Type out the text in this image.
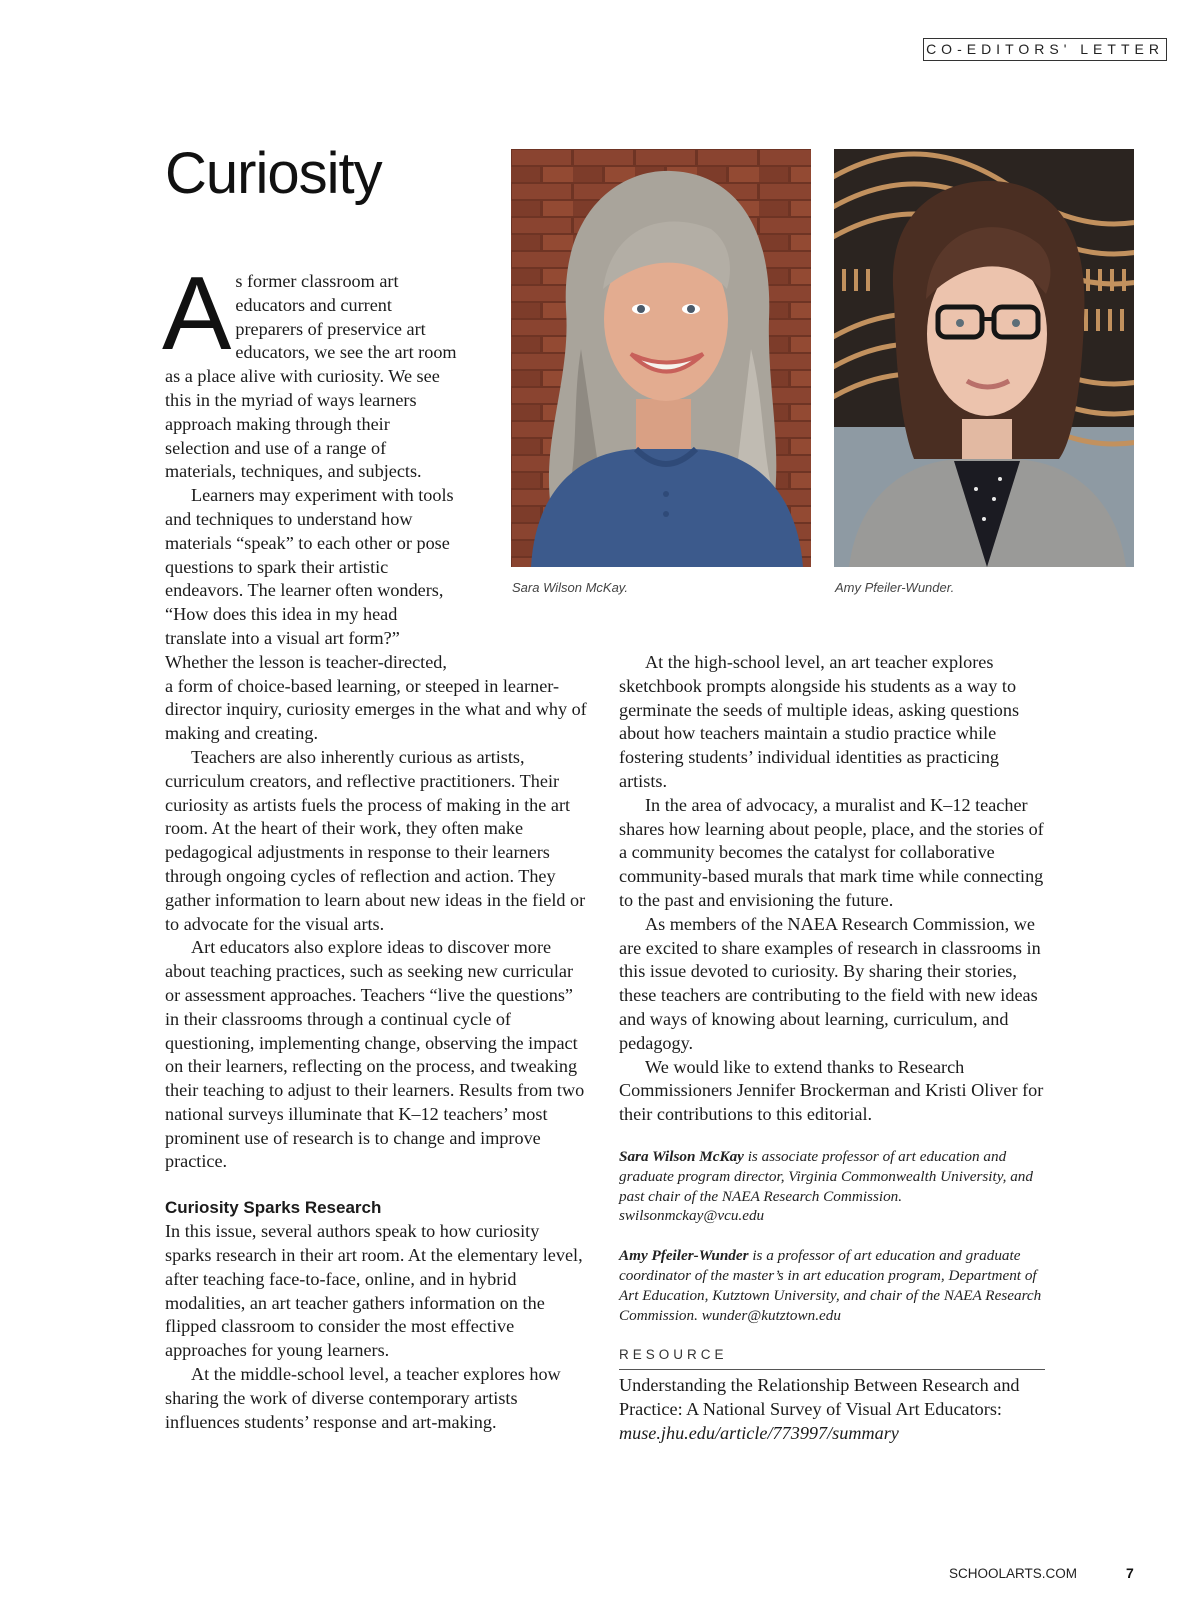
CO-EDITORS' LETTER
Curiosity
Sara Wilson McKay.	Amy Pfeiler-Wunder.

As former classroom art educators and current preparers of preservice art educators, we see the art room as a place alive with curiosity. We see this in the myriad of ways learners approach making through their selection and use of a range of materials, techniques, and subjects.

Learners may experiment with tools and techniques to understand how materials “speak” to each other or pose questions to spark their artistic endeavors. The learner often wonders, “How does this idea in my head translate into a visual art form?” Whether the lesson is teacher-directed, a form of choice-based learning, or steeped in learner-director inquiry, curiosity emerges in the what and why of making and creating.

Teachers are also inherently curious as artists, curriculum creators, and reflective practitioners. Their curiosity as artists fuels the process of making in the art room. At the heart of their work, they often make pedagogical adjustments in response to their learners through ongoing cycles of reflection and action. They gather information to learn about new ideas in the field or to advocate for the visual arts.

Art educators also explore ideas to discover more about teaching practices, such as seeking new curricular or assessment approaches. Teachers “live the questions” in their classrooms through a continual cycle of questioning, implementing change, observing the impact on their learners, reflecting on the process, and tweaking their teaching to adjust to their learners. Results from two national surveys illuminate that K–12 teachers’ most prominent use of research is to change and improve practice.

Curiosity Sparks Research

In this issue, several authors speak to how curiosity sparks research in their art room. At the elementary level, after teaching face-to-face, online, and in hybrid modalities, an art teacher gathers information on the flipped classroom to consider the most effective approaches for young learners.

At the middle-school level, a teacher explores how sharing the work of diverse contemporary artists influences students’ response and art-making.

At the high-school level, an art teacher explores sketchbook prompts alongside his students as a way to germinate the seeds of multiple ideas, asking questions about how teachers maintain a studio practice while fostering students’ individual identities as practicing artists.

In the area of advocacy, a muralist and K–12 teacher shares how learning about people, place, and the stories of a community becomes the catalyst for collaborative community-based murals that mark time while connecting to the past and envisioning the future.

As members of the NAEA Research Commission, we are excited to share examples of research in classrooms in this issue devoted to curiosity. By sharing their stories, these teachers are contributing to the field with new ideas and ways of knowing about learning, curriculum, and pedagogy.

We would like to extend thanks to Research Commissioners Jennifer Brockerman and Kristi Oliver for their contributions to this editorial.

Sara Wilson McKay is associate professor of art education and graduate program director, Virginia Commonwealth University, and past chair of the NAEA Research Commission. swilsonmckay@vcu.edu

Amy Pfeiler-Wunder is a professor of art education and graduate coordinator of the master’s in art education program, Department of Art Education, Kutztown University, and chair of the NAEA Research Commission. wunder@kutztown.edu

RESOURCE

Understanding the Relationship Between Research and Practice: A National Survey of Visual Art Educators: muse.jhu.edu/article/773997/summary

SCHOOLARTS.COM	7
